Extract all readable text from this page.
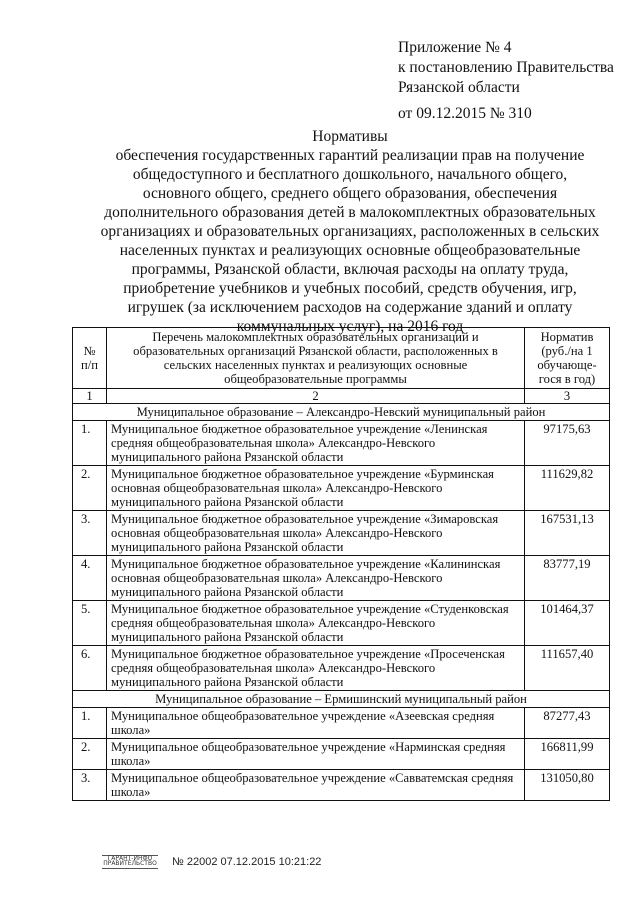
Приложение № 4
к постановлению Правительства
Рязанской области
от 09.12.2015 № 310
Нормативы
обеспечения государственных гарантий реализации прав на получение общедоступного и бесплатного дошкольного, начального общего, основного общего, среднего общего образования, обеспечения дополнительного образования детей в малокомплектных образовательных организациях и образовательных организациях, расположенных в сельских населенных пунктах и реализующих основные общеобразовательные программы, Рязанской области, включая расходы на оплату труда, приобретение учебников и учебных пособий, средств обучения, игр, игрушек (за исключением расходов на содержание зданий и оплату коммунальных услуг), на 2016 год
№ п/п	Перечень малокомплектных образовательных организаций и образовательных организаций Рязанской области, расположенных в сельских населенных пунктах и реализующих основные общеобразовательные программы	Норматив (руб./на 1 обучающе-гося в год)
1	2	3
Муниципальное образование – Александро-Невский муниципальный район		
1.	Муниципальное бюджетное образовательное учреждение «Ленинская средняя общеобразовательная школа» Александро-Невского муниципального района Рязанской области	97175,63
2.	Муниципальное бюджетное образовательное учреждение «Бурминская основная общеобразовательная школа» Александро-Невского муниципального района Рязанской области	111629,82
3.	Муниципальное бюджетное образовательное учреждение «Зимаровская основная общеобразовательная школа» Александро-Невского муниципального района Рязанской области	167531,13
4.	Муниципальное бюджетное образовательное учреждение «Калининская основная общеобразовательная школа» Александро-Невского муниципального района Рязанской области	83777,19
5.	Муниципальное бюджетное образовательное учреждение «Студенковская средняя общеобразовательная школа» Александро-Невского муниципального района Рязанской области	101464,37
6.	Муниципальное бюджетное образовательное учреждение «Просеченская средняя общеобразовательная школа» Александро-Невского муниципального района Рязанской области	111657,40
Муниципальное образование – Ермишинский муниципальный район		
1.	Муниципальное общеобразовательное учреждение «Азеевская средняя школа»	87277,43
2.	Муниципальное общеобразовательное учреждение «Нарминская средняя школа»	166811,99
3.	Муниципальное общеобразовательное учреждение «Савватемская средняя школа»	131050,80
ГАРАНТ-ИНФО
ПРАВИТЕЛЬСТВО № 22002 07.12.2015 10:21:22
